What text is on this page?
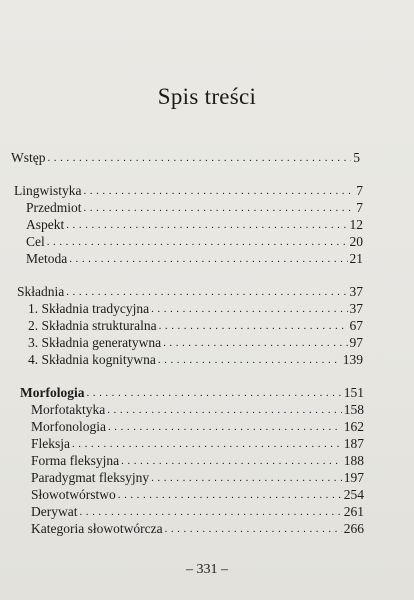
Spis treści
Wstęp . . .	5
Lingwistyka . . .	7
Przedmiot . . .	7
Aspekt . . .	12
Cel . . .	20
Metoda . . .	21
Składnia . . .	37
1. Składnia tradycyjna . . .	37
2. Składnia strukturalna . . .	67
3. Składnia generatywna . . .	97
4. Składnia kognitywna . . .	139
Morfologia . . .	151
Morfotaktyka . . .	158
Morfonologia . . .	162
Fleksja . . .	187
Forma fleksyjna . . .	188
Paradygmat fleksyjny . . .	197
Słowotwórstwo . . .	254
Derywat . . .	261
Kategoria słowotwórcza . . .	266
– 331 –
